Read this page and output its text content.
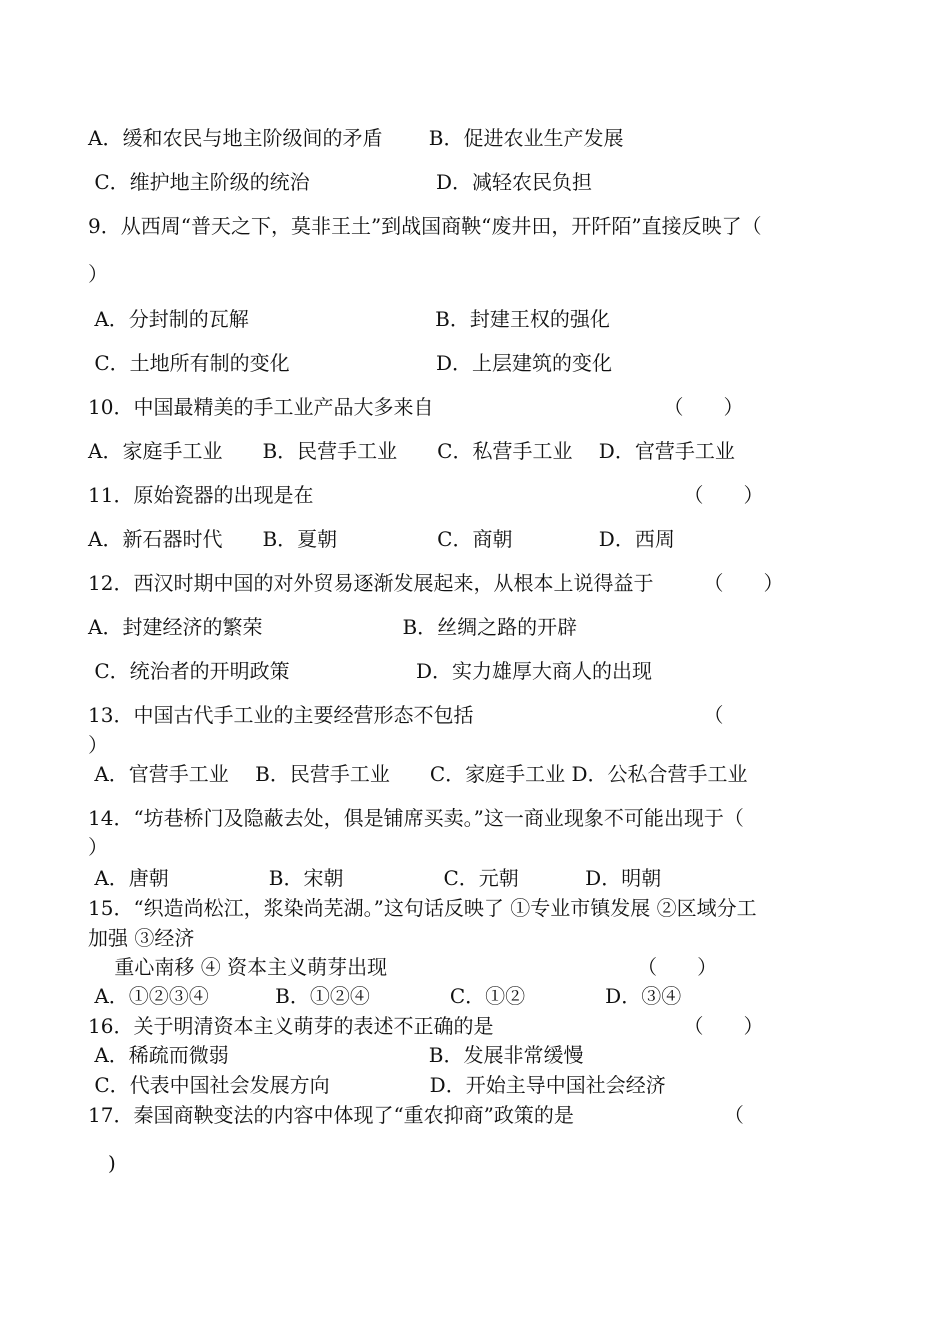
A．缓和农民与地主阶级间的矛盾　　 B．促进农业生产发展
C．维护地主阶级的统治　　　　　　 D．减轻农民负担
9．从西周“普天之下，莫非王土”到战国商鞅“废井田，开阡陌”直接反映了（
）
A．分封制的瓦解　　　　　　　　　 B．封建王权的强化
C．土地所有制的变化　　　　　　　 D．上层建筑的变化
10．中国最精美的手工业产品大多来自　　　　　　　　　　　　（　　）
A．家庭手工业　　B．民营手工业　　C．私营手工业　 D．官营手工业
11．原始瓷器的出现是在　　　　　　　　　　　　　　　　　　　（　　）
A．新石器时代　　B．夏朝　　　　　C．商朝　　　　 D．西周
12．西汉时期中国的对外贸易逐渐发展起来，从根本上说得益于　　　（　　）
A．封建经济的繁荣　　　　　　　B．丝绸之路的开辟
C．统治者的开明政策　　　　　　 D．实力雄厚大商人的出现
13．中国古代手工业的主要经营形态不包括　　　　　　　　　　　　（
）
A．官营手工业　 B．民营手工业　　C．家庭手工业 D．公私合营手工业
14．“坊巷桥门及隐蔽去处，俱是铺席买卖。”这一商业现象不可能出现于（
）
A．唐朝　　　　　B．宋朝　　　　　C．元朝　　　 D．明朝
15．“织造尚松江，浆染尚芜湖。”这句话反映了 ①专业市镇发展 ②区域分工
加强 ③经济
　 重心南移 ④ 资本主义萌芽出现　　　　　　　　　　　　　（　　）
A．①②③④　　　 B．①②④　　　　C．①②　　　　D．③④
16．关于明清资本主义萌芽的表述不正确的是　　　　　　　　　　（　　）
A．稀疏而微弱　　　　　　　　　　B．发展非常缓慢
C．代表中国社会发展方向　　　　　D．开始主导中国社会经济
17．秦国商鞅变法的内容中体现了“重农抑商”政策的是　　　　　　　　（
　)
